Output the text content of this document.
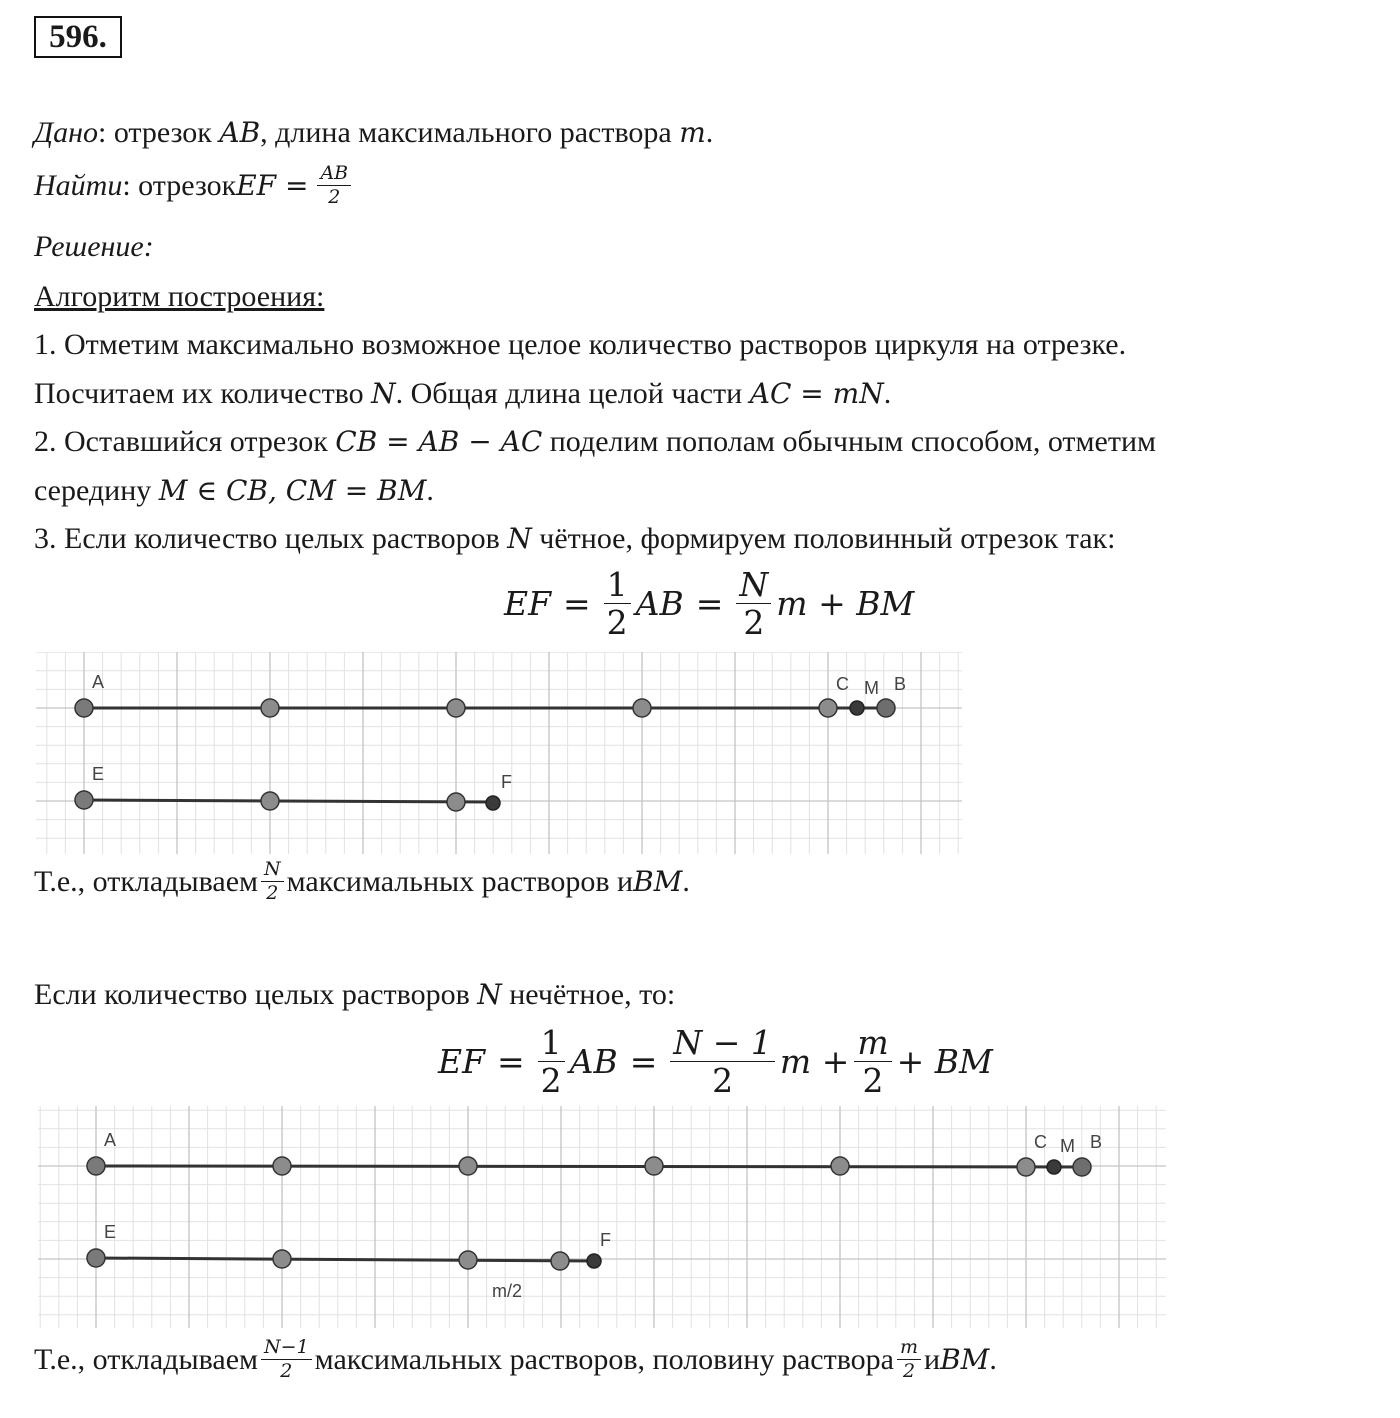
596.
Дано: отрезок AB, длина максимального раствора m.
Найти : отрезок EF = $\frac{AB}{2}$
Решение:
Алгоритм построения:
1. Отметим максимально возможное целое количество растворов циркуля на отрезке.
Посчитаем их количество N. Общая длина целой части AC = mN.
2. Оставшийся отрезок CB = AB − AC поделим пополам обычным способом, отметим
середину M ∈ CB, CM = BM.
3. Если количество целых растворов N чётное, формируем половинный отрезок так:
EF = $\frac{1}{2}$ AB = $\frac{N}{2}$ m + BM
A	C M B
E	F
Т.е., откладываем $\frac{N}{2}$ максимальных растворов и BM .
Если количество целых растворов N нечётное, то:
EF = $\frac{1}{2}$ AB = $\frac{N - 1}{2}$ $m + \frac{m}{2}$ + BM
A	C M B
E	F
m/2
Т.е., откладываем $\frac{N-1}{2}$ максимальных растворов, половину раствора $\frac{m}{2}$ и BM .
